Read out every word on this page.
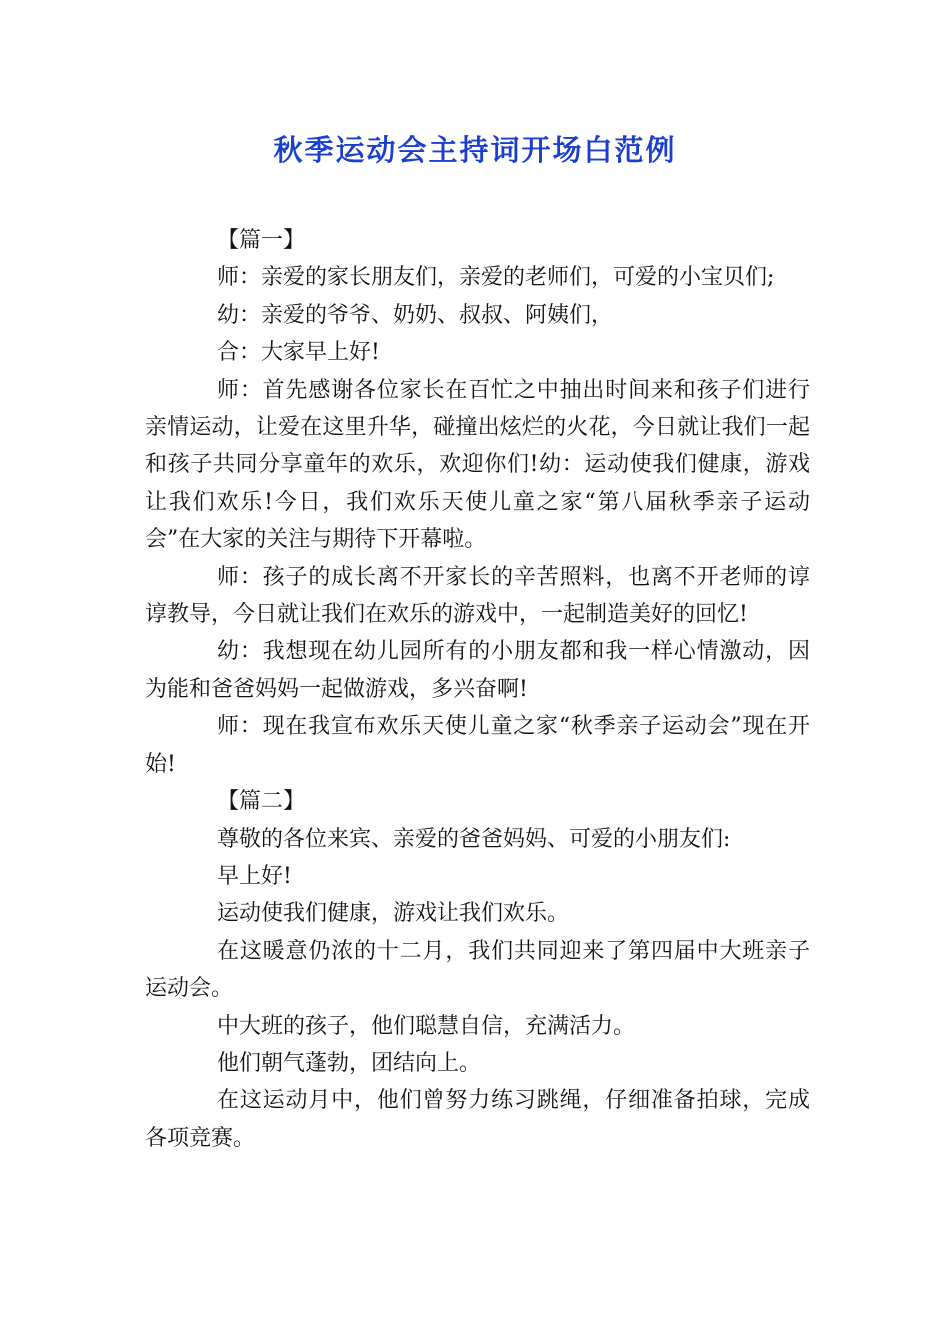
秋季运动会主持词开场白范例

【篇一】

师：亲爱的家长朋友们，亲爱的老师们，可爱的小宝贝们;

幼：亲爱的爷爷、奶奶、叔叔、阿姨们，

合：大家早上好!

师：首先感谢各位家长在百忙之中抽出时间来和孩子们进行亲情运动，让爱在这里升华，碰撞出炫烂的火花，今日就让我们一起和孩子共同分享童年的欢乐，欢迎你们!幼：运动使我们健康，游戏让我们欢乐!今日，我们欢乐天使儿童之家“第八届秋季亲子运动会”在大家的关注与期待下开幕啦。

师：孩子的成长离不开家长的辛苦照料，也离不开老师的谆谆教导，今日就让我们在欢乐的游戏中，一起制造美好的回忆!

幼：我想现在幼儿园所有的小朋友都和我一样心情激动，因为能和爸爸妈妈一起做游戏，多兴奋啊!

师：现在我宣布欢乐天使儿童之家“秋季亲子运动会”现在开始!

【篇二】

尊敬的各位来宾、亲爱的爸爸妈妈、可爱的小朋友们:

早上好!

运动使我们健康，游戏让我们欢乐。

在这暖意仍浓的十二月，我们共同迎来了第四届中大班亲子运动会。

中大班的孩子，他们聪慧自信，充满活力。

他们朝气蓬勃，团结向上。

在这运动月中，他们曾努力练习跳绳，仔细准备拍球，完成各项竞赛。
